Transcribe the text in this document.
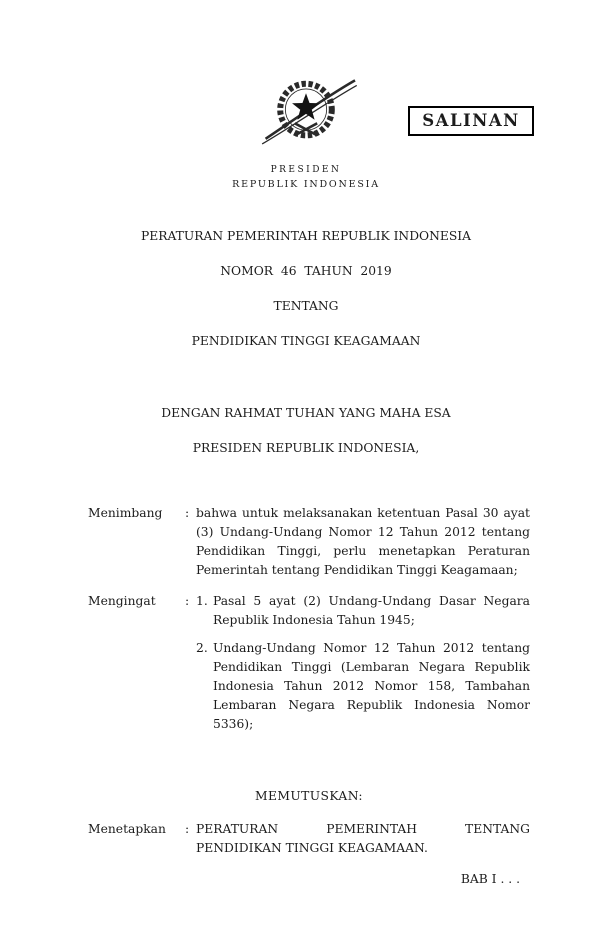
PRESIDEN
REPUBLIK INDONESIA
SALINAN
PERATURAN PEMERINTAH REPUBLIK INDONESIA
NOMOR  46  TAHUN  2019
TENTANG
PENDIDIKAN TINGGI KEAGAMAAN
DENGAN RAHMAT TUHAN YANG MAHA ESA
PRESIDEN REPUBLIK INDONESIA,
Menimbang	: bahwa untuk melaksanakan ketentuan Pasal 30 ayat (3) Undang-Undang Nomor 12 Tahun 2012 tentang Pendidikan Tinggi, perlu menetapkan Peraturan Pemerintah tentang Pendidikan Tinggi Keagamaan;
Mengingat	: 1. Pasal 5 ayat (2) Undang-Undang Dasar Negara Republik Indonesia Tahun 1945;
2. Undang-Undang Nomor 12 Tahun 2012 tentang Pendidikan Tinggi (Lembaran Negara Republik Indonesia Tahun 2012 Nomor 158, Tambahan Lembaran Negara Republik Indonesia Nomor 5336);
MEMUTUSKAN:
Menetapkan	: PERATURAN PEMERINTAH TENTANG PENDIDIKAN TINGGI KEAGAMAAN.
BAB I . . .
